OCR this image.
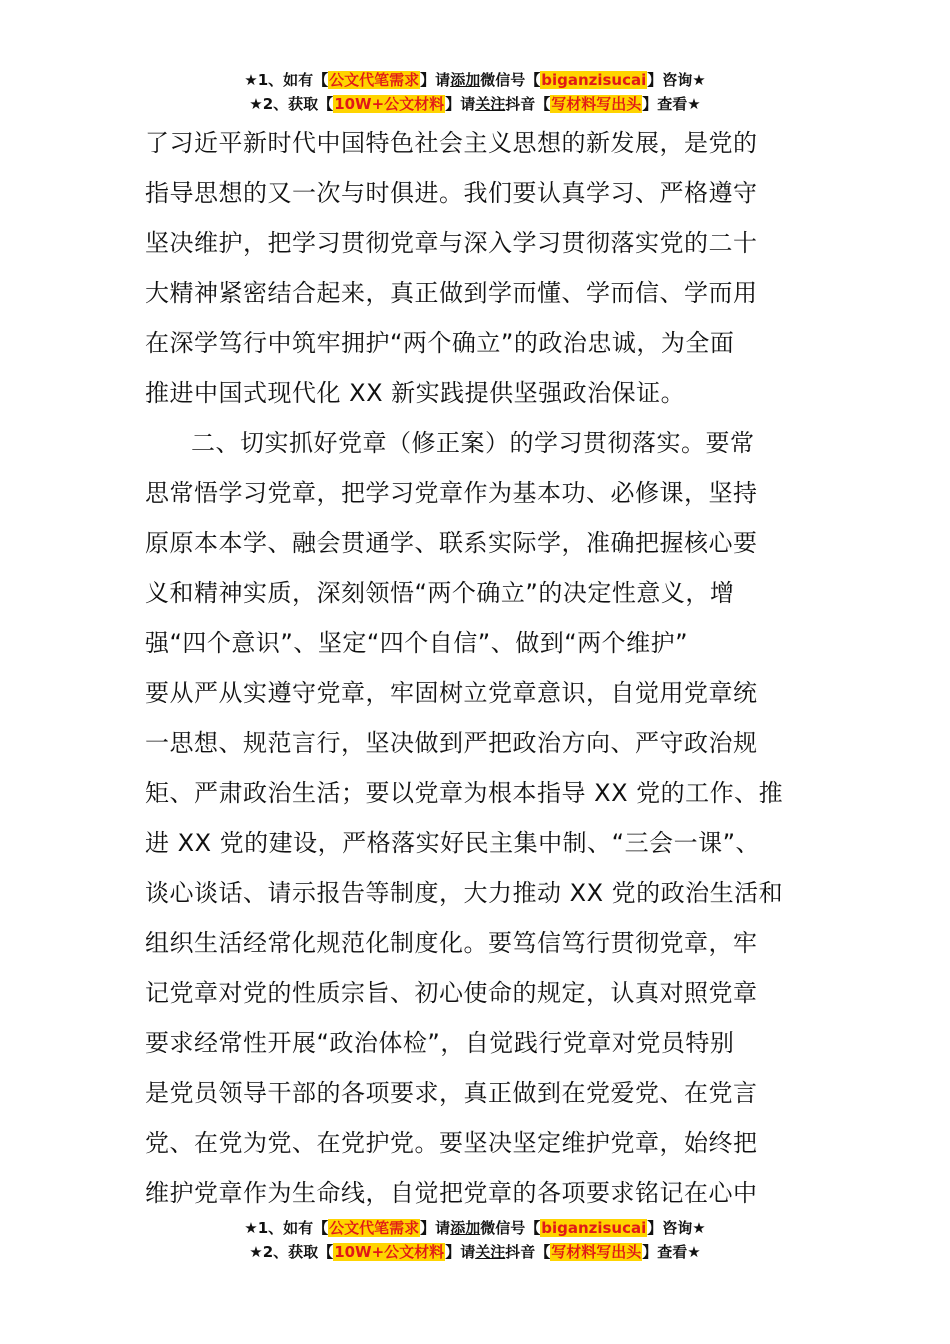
★1、如有【公文代笔需求】请添加微信号【biganzisucai】咨询★
★2、获取【10W+公文材料】请关注抖音【写材料写出头】查看★
了习近平新时代中国特色社会主义思想的新发展，是党的
指导思想的又一次与时俱进。我们要认真学习、严格遵守
坚决维护，把学习贯彻党章与深入学习贯彻落实党的二十
大精神紧密结合起来，真正做到学而懂、学而信、学而用
在深学笃行中筑牢拥护“两个确立”的政治忠诚，为全面
推进中国式现代化 XX 新实践提供坚强政治保证。
二、切实抓好党章（修正案）的学习贯彻落实。要常
思常悟学习党章，把学习党章作为基本功、必修课，坚持
原原本本学、融会贯通学、联系实际学，准确把握核心要
义和精神实质，深刻领悟“两个确立”的决定性意义，增
强“四个意识”、坚定“四个自信”、做到“两个维护”
要从严从实遵守党章，牢固树立党章意识，自觉用党章统
一思想、规范言行，坚决做到严把政治方向、严守政治规
矩、严肃政治生活；要以党章为根本指导 XX 党的工作、推
进 XX 党的建设，严格落实好民主集中制、“三会一课”、
谈心谈话、请示报告等制度，大力推动 XX 党的政治生活和
组织生活经常化规范化制度化。要笃信笃行贯彻党章，牢
记党章对党的性质宗旨、初心使命的规定，认真对照党章
要求经常性开展“政治体检”，自觉践行党章对党员特别
是党员领导干部的各项要求，真正做到在党爱党、在党言
党、在党为党、在党护党。要坚决坚定维护党章，始终把
维护党章作为生命线，自觉把党章的各项要求铭记在心中
★1、如有【公文代笔需求】请添加微信号【biganzisucai】咨询★
★2、获取【10W+公文材料】请关注抖音【写材料写出头】查看★
